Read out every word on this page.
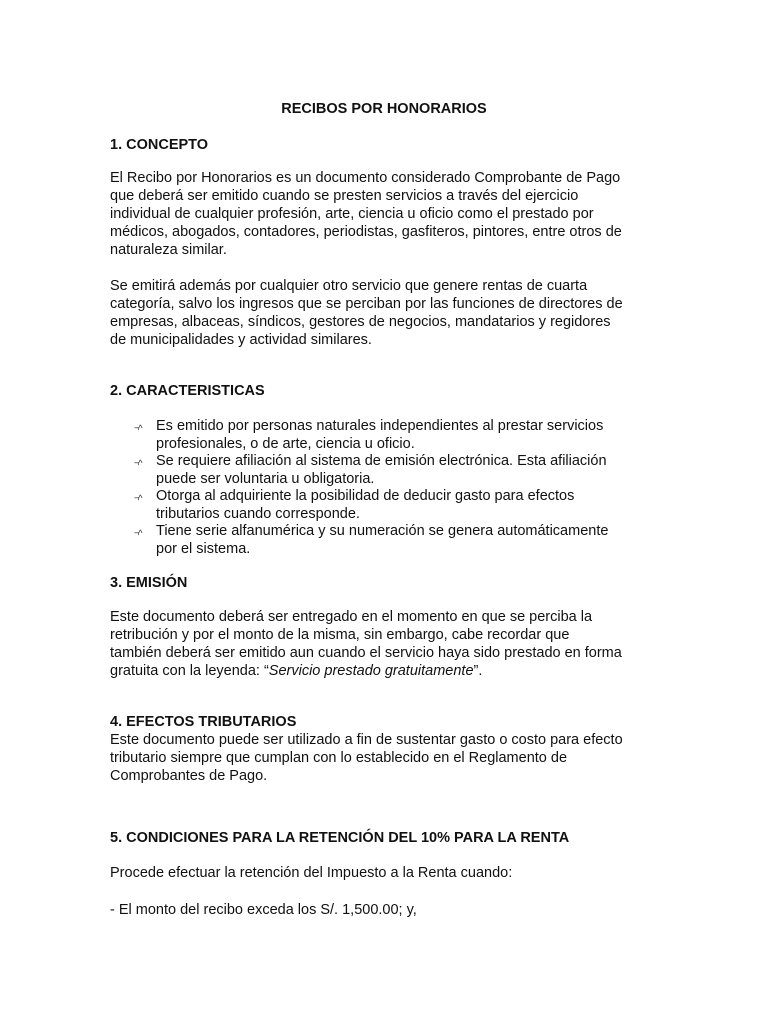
RECIBOS POR HONORARIOS
1. CONCEPTO

El Recibo por Honorarios es un documento considerado Comprobante de Pago
que deberá ser emitido cuando se presten servicios a través del ejercicio
individual de cualquier profesión, arte, ciencia u oficio como el prestado por
médicos, abogados, contadores, periodistas, gasfiteros, pintores, entre otros de
naturaleza similar.

Se emitirá además por cualquier otro servicio que genere rentas de cuarta
categoría, salvo los ingresos que se perciban por las funciones de directores de
empresas, albaceas, síndicos, gestores de negocios, mandatarios y regidores
de municipalidades y actividad similares.

2. CARACTERISTICAS
¬^ Es emitido por personas naturales independientes al prestar servicios
profesionales, o de arte, ciencia u oficio.
¬^ Se requiere afiliación al sistema de emisión electrónica. Esta afiliación
puede ser voluntaria u obligatoria.
¬^ Otorga al adquiriente la posibilidad de deducir gasto para efectos
tributarios cuando corresponde.
¬^ Tiene serie alfanumérica y su numeración se genera automáticamente
por el sistema.
3. EMISIÓN

Este documento deberá ser entregado en el momento en que se perciba la
retribución y por el monto de la misma, sin embargo, cabe recordar que
también deberá ser emitido aun cuando el servicio haya sido prestado en forma
gratuita con la leyenda: “Servicio prestado gratuitamente”.

4. EFECTOS TRIBUTARIOS

Este documento puede ser utilizado a fin de sustentar gasto o costo para efecto
tributario siempre que cumplan con lo establecido en el Reglamento de
Comprobantes de Pago.

5. CONDICIONES PARA LA RETENCIÓN DEL 10% PARA LA RENTA

Procede efectuar la retención del Impuesto a la Renta cuando:

- El monto del recibo exceda los S/. 1,500.00; y,
